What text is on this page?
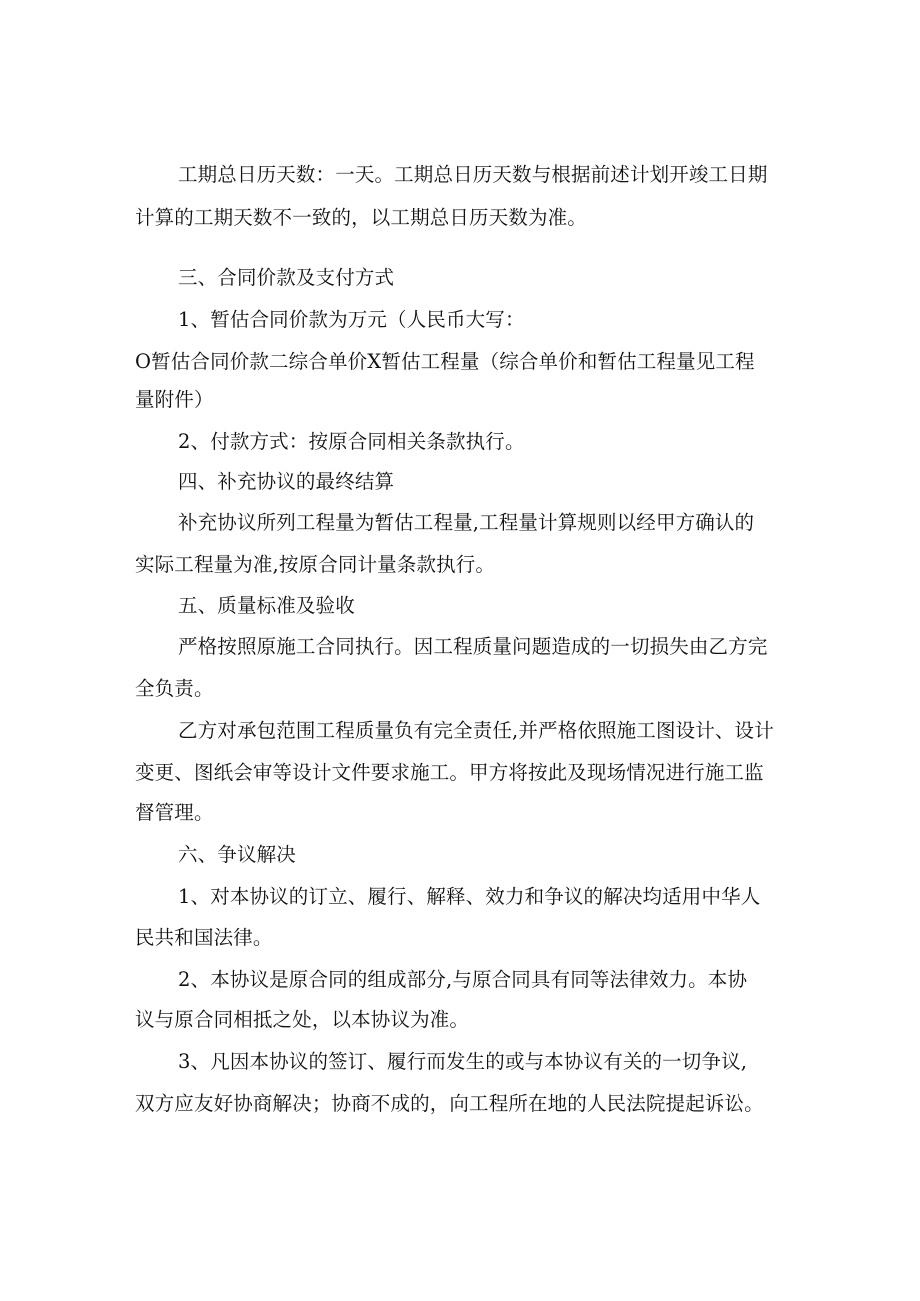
工期总日历天数：一天。工期总日历天数与根据前述计划开竣工日期
计算的工期天数不一致的，以工期总日历天数为准。
三、合同价款及支付方式
1、暂估合同价款为万元（人民币大写：
O暂估合同价款二综合单价X暂估工程量（综合单价和暂估工程量见工程
量附件）
2、付款方式：按原合同相关条款执行。
四、补充协议的最终结算
补充协议所列工程量为暂估工程量,工程量计算规则以经甲方确认的
实际工程量为准,按原合同计量条款执行。
五、质量标准及验收
严格按照原施工合同执行。因工程质量问题造成的一切损失由乙方完
全负责。
乙方对承包范围工程质量负有完全责任,并严格依照施工图设计、设计
变更、图纸会审等设计文件要求施工。甲方将按此及现场情况进行施工监
督管理。
六、争议解决
1、对本协议的订立、履行、解释、效力和争议的解决均适用中华人
民共和国法律。
2、本协议是原合同的组成部分,与原合同具有同等法律效力。本协
议与原合同相抵之处，以本协议为准。
3、凡因本协议的签订、履行而发生的或与本协议有关的一切争议,
双方应友好协商解决；协商不成的，向工程所在地的人民法院提起诉讼。
